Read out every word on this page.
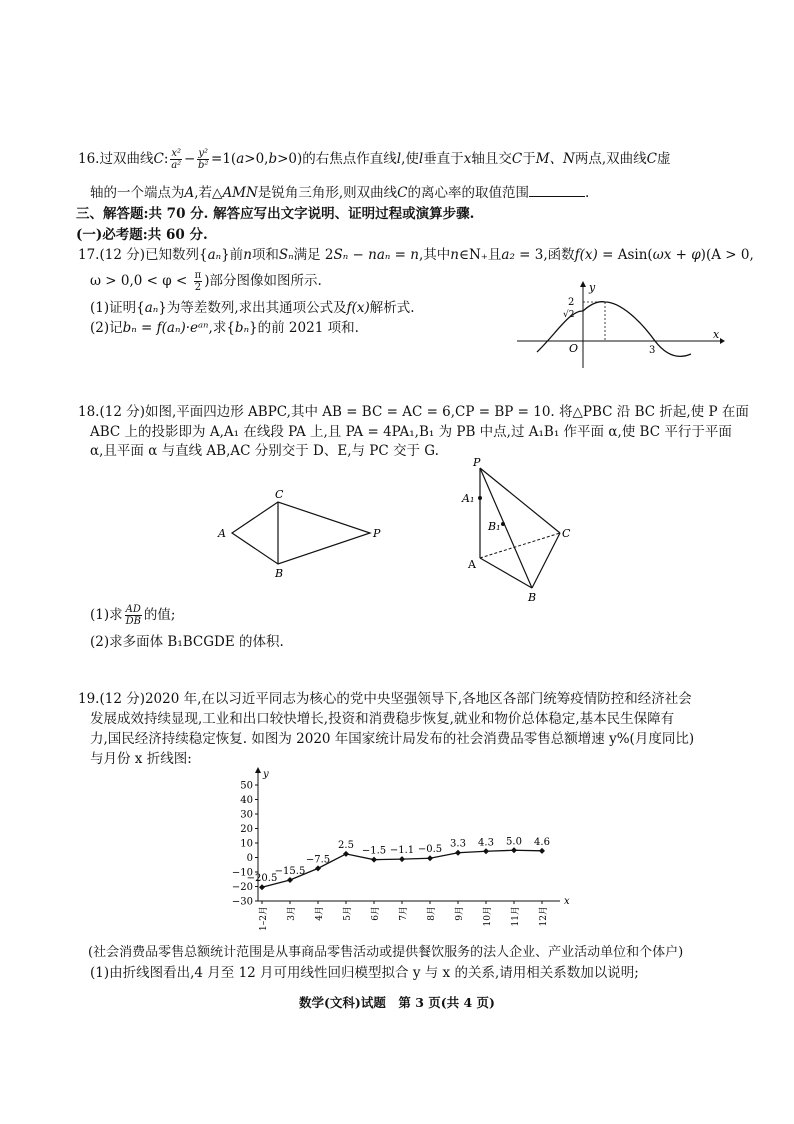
16.过双曲线C: $\frac{\text{x²}}{\text{a²}} - \frac{\text{y²}}{\text{b²}} =1(a>0,b>0)$的右焦点作直线l,使l垂直于x轴且交C于M、N两点,双曲线C虚
轴的一个端点为A,若△AMN是锐角三角形,则双曲线C的离心率的取值范围	.
三、解答题:共 70 分. 解答应写出文字说明、证明过程或演算步骤.
(一)必考题:共 60 分.
17.(12 分)已知数列{aₙ}前n项和Sₙ满足 2Sₙ − naₙ = n,其中n∈N₊且a₂ = 3,函数f(x) = Asin(ωx + φ)(A > 0,
$\omega > 0,0 < \varphi < \frac{\pi}{2}$ )部分图像如图所示.
(1)证明{aₙ}为等差数列,求出其通项公式及f(x)解析式.
(2)记bₙ = f(aₙ)·eᵃⁿ,求{bₙ}的前 2021 项和.
y
x
O
2
√2
3
18.(12 分)如图,平面四边形 ABPC,其中 AB = BC = AC = 6,CP = BP = 10. 将△PBC 沿 BC 折起,使 P 在面
ABC 上的投影即为 A,A₁ 在线段 PA 上,且 PA = 4PA₁,B₁ 为 PB 中点,过 A₁B₁ 作平面 α,使 BC 平行于平面
α,且平面 α 与直线 AB,AC 分别交于 D、E,与 PC 交于 G.
A
C
P
B
P
A₁
B₁
A
C
B
(1)求 $\frac{AD}{DB}$ 的值;
(2)求多面体 B₁BCGDE 的体积.
19.(12 分)2020 年,在以习近平同志为核心的党中央坚强领导下,各地区各部门统筹疫情防控和经济社会
发展成效持续显现,工业和出口较快增长,投资和消费稳步恢复,就业和物价总体稳定,基本民生保障有
力,国民经济持续稳定恢复. 如图为 2020 年国家统计局发布的社会消费品零售总额增速 y%(月度同比)
与月份 x 折线图:
y
x
50
40
30
20
10
0
−10
−20
−30
1–2月 3月 4月 5月 6月 7月 8月 9月 10月 11月 12月
−20.5
−15.5
−7.5
2.5
−1.5 −1.1 −0.5
3.3 4.3 5.0 4.6
(社会消费品零售总额统计范围是从事商品零售活动或提供餐饮服务的法人企业、产业活动单位和个体户)
(1)由折线图看出,4 月至 12 月可用线性回归模型拟合 y 与 x 的关系,请用相关系数加以说明;
数学(文科)试题　第 3 页(共 4 页)
